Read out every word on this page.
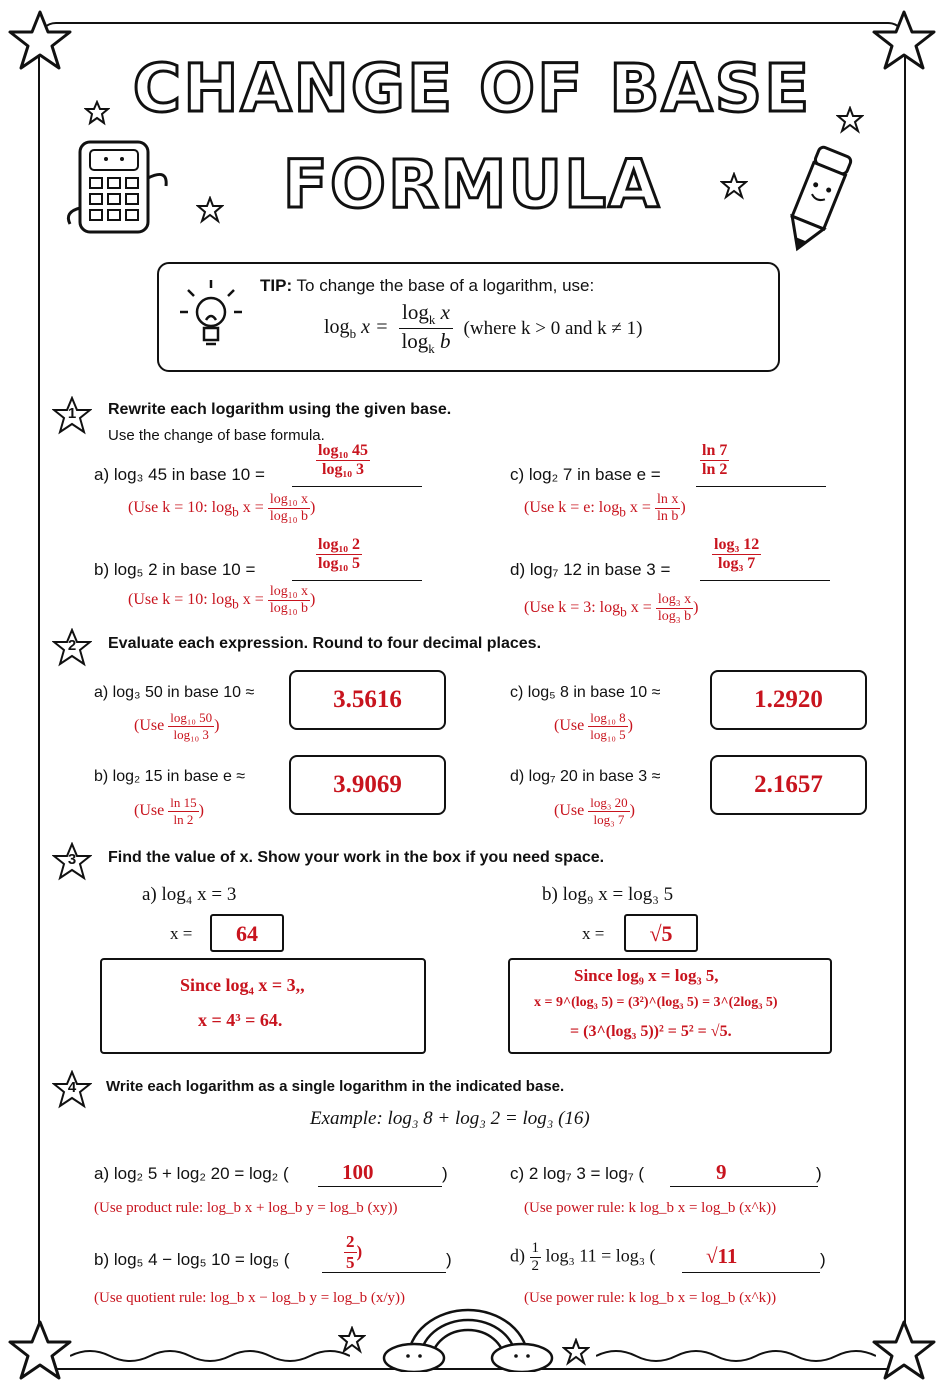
CHANGE OF BASE
FORMULA
TIP: To change the base of a logarithm, use:
$\log_b x = \frac{\log_k x}{\log_k b}$ (where k > 0 and k ≠ 1)
1
2
3
4
Rewrite each logarithm using the given base.
Use the change of base formula.
a) log₃ 45 in base 10 =	$\frac{\text{log₁₀ 45}}{\text{log₁₀ 3}}$
(Use k = 10: $\log_b x = \frac{\text{log₁₀ x}}{\text{log₁₀ b}}$ )
b) log₅ 2 in base 10 =	$\frac{\text{log₁₀ 2}}{\text{log₁₀ 5}}$
(Use k = 10: $\log_b x = \frac{\text{log₁₀ x}}{\text{log₁₀ b}}$ )
c) log₂ 7 in base $e = \frac{\ln 7}{\ln 2}$
(Use k = e: $\log_b x = \frac{\text{ln x}}{\text{ln b}}$ )
d) log₇ 12 in base 3 =	$\frac{\text{log₃ 12}}{\text{log₃ 7}}$
(Use k = 3: $\log_b x = \frac{\text{log₃ x}}{\text{log₃ b}}$ )
Evaluate each expression. Round to four decimal places.
a) log₃ 50 in base 10 ≈
($Use \frac{\text{log₁₀ 50}}{\text{log₁₀ 3}}$ )
3.5616
b) log₂ 15 in base e ≈
($Use \frac{\ln 15}{\ln 2}$ )
3.9069
c) log₅ 8 in base 10 ≈
($Use \frac{\text{log₁₀ 8}}{\text{log₁₀ 5}}$ )
1.2920
d) log₇ 20 in base 3 ≈
($Use \frac{\text{log₃ 20}}{\text{log₃ 7}}$ )
2.1657
Find the value of x. Show your work in the box if you need space.
a) log₄ x = 3
x =	64
Since log₄ x = 3,,
x = 4³ = 64.
b) log₉ x = log₃ 5
x =	√5
Since log₉ x = log₃ 5,
x = 9^(log₃ 5) = (3²)^(log₃ 5) = 3^(2log₃ 5)
= (3^(log₃ 5))² = 5² = √5.
Write each logarithm as a single logarithm in the indicated base.
Example: log₃ 8 + log₃ 2 = log₃ (16)
a) log₂ 5 + log₂ 20 = log₂ (	100	)
(Use product rule: log_b x + log_b y = log_b (xy))
b) log₅ 4 − log₅ 10 = log₅ (	$\frac{2}{5}$ )	)
(Use quotient rule: log_b x − log_b y = log_b (x/y))
c) 2 log₇ 3 = log₇ (	9	)
(Use power rule: k log_b x = log_b (x^k))
$d) \frac{1}{2} \log_3$ 11 = log₃ ( √11	)
(Use power rule: k log_b x = log_b (x^k))
